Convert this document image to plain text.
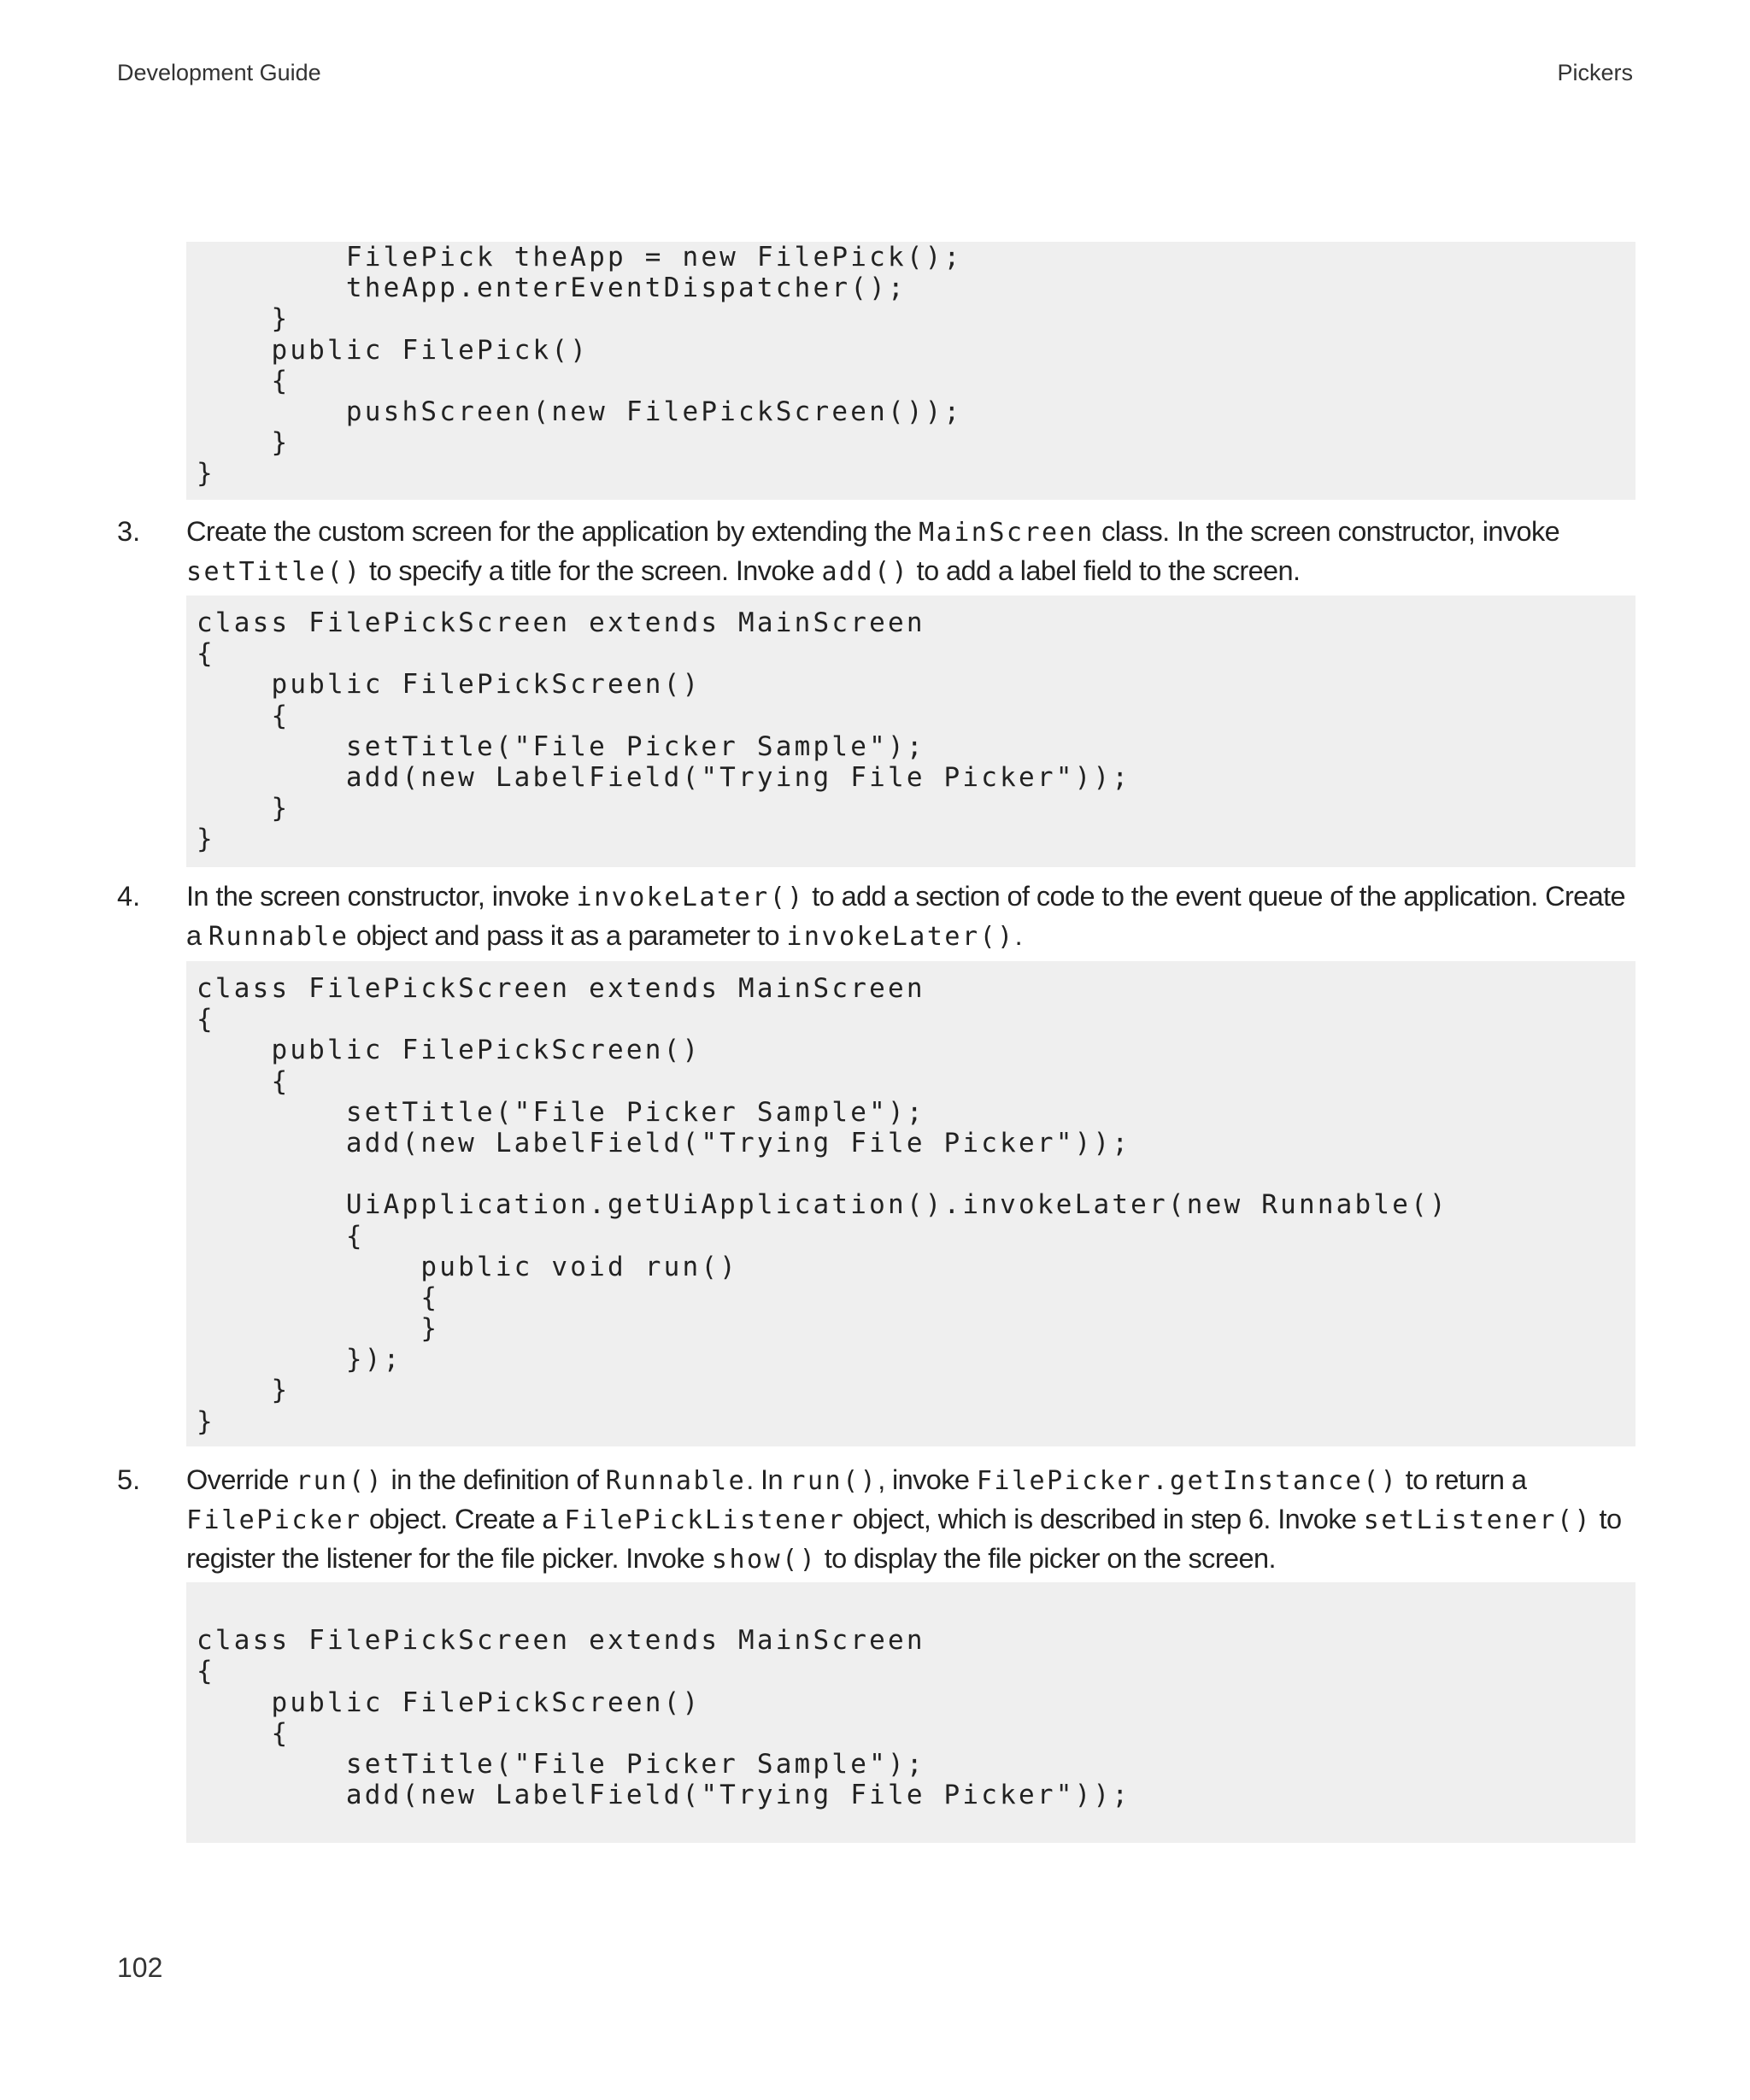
Development Guide	Pickers
FilePick theApp = new FilePick();
theApp.enterEventDispatcher();
}
public FilePick()
{
pushScreen(new FilePickScreen());
}
}
3.	Create the custom screen for the application by extending the MainScreen class. In the screen constructor, invoke setTitle() to specify a title for the screen. Invoke add() to add a label field to the screen.
class FilePickScreen extends MainScreen
{
public FilePickScreen()
{
setTitle("File Picker Sample");
add(new LabelField("Trying File Picker"));
}
}
4.	In the screen constructor, invoke invokeLater() to add a section of code to the event queue of the application. Create a Runnable object and pass it as a parameter to invokeLater().
class FilePickScreen extends MainScreen
{
public FilePickScreen()
{
setTitle("File Picker Sample");
add(new LabelField("Trying File Picker"));
UiApplication.getUiApplication().invokeLater(new Runnable()
{
public void run()
{
}
});
}
}
5.	Override run() in the definition of Runnable. In run(), invoke FilePicker.getInstance() to return a FilePicker object. Create a FilePickListener object, which is described in step 6. Invoke setListener() to register the listener for the file picker. Invoke show() to display the file picker on the screen.
class FilePickScreen extends MainScreen
{
public FilePickScreen()
{
setTitle("File Picker Sample");
add(new LabelField("Trying File Picker"));
102
